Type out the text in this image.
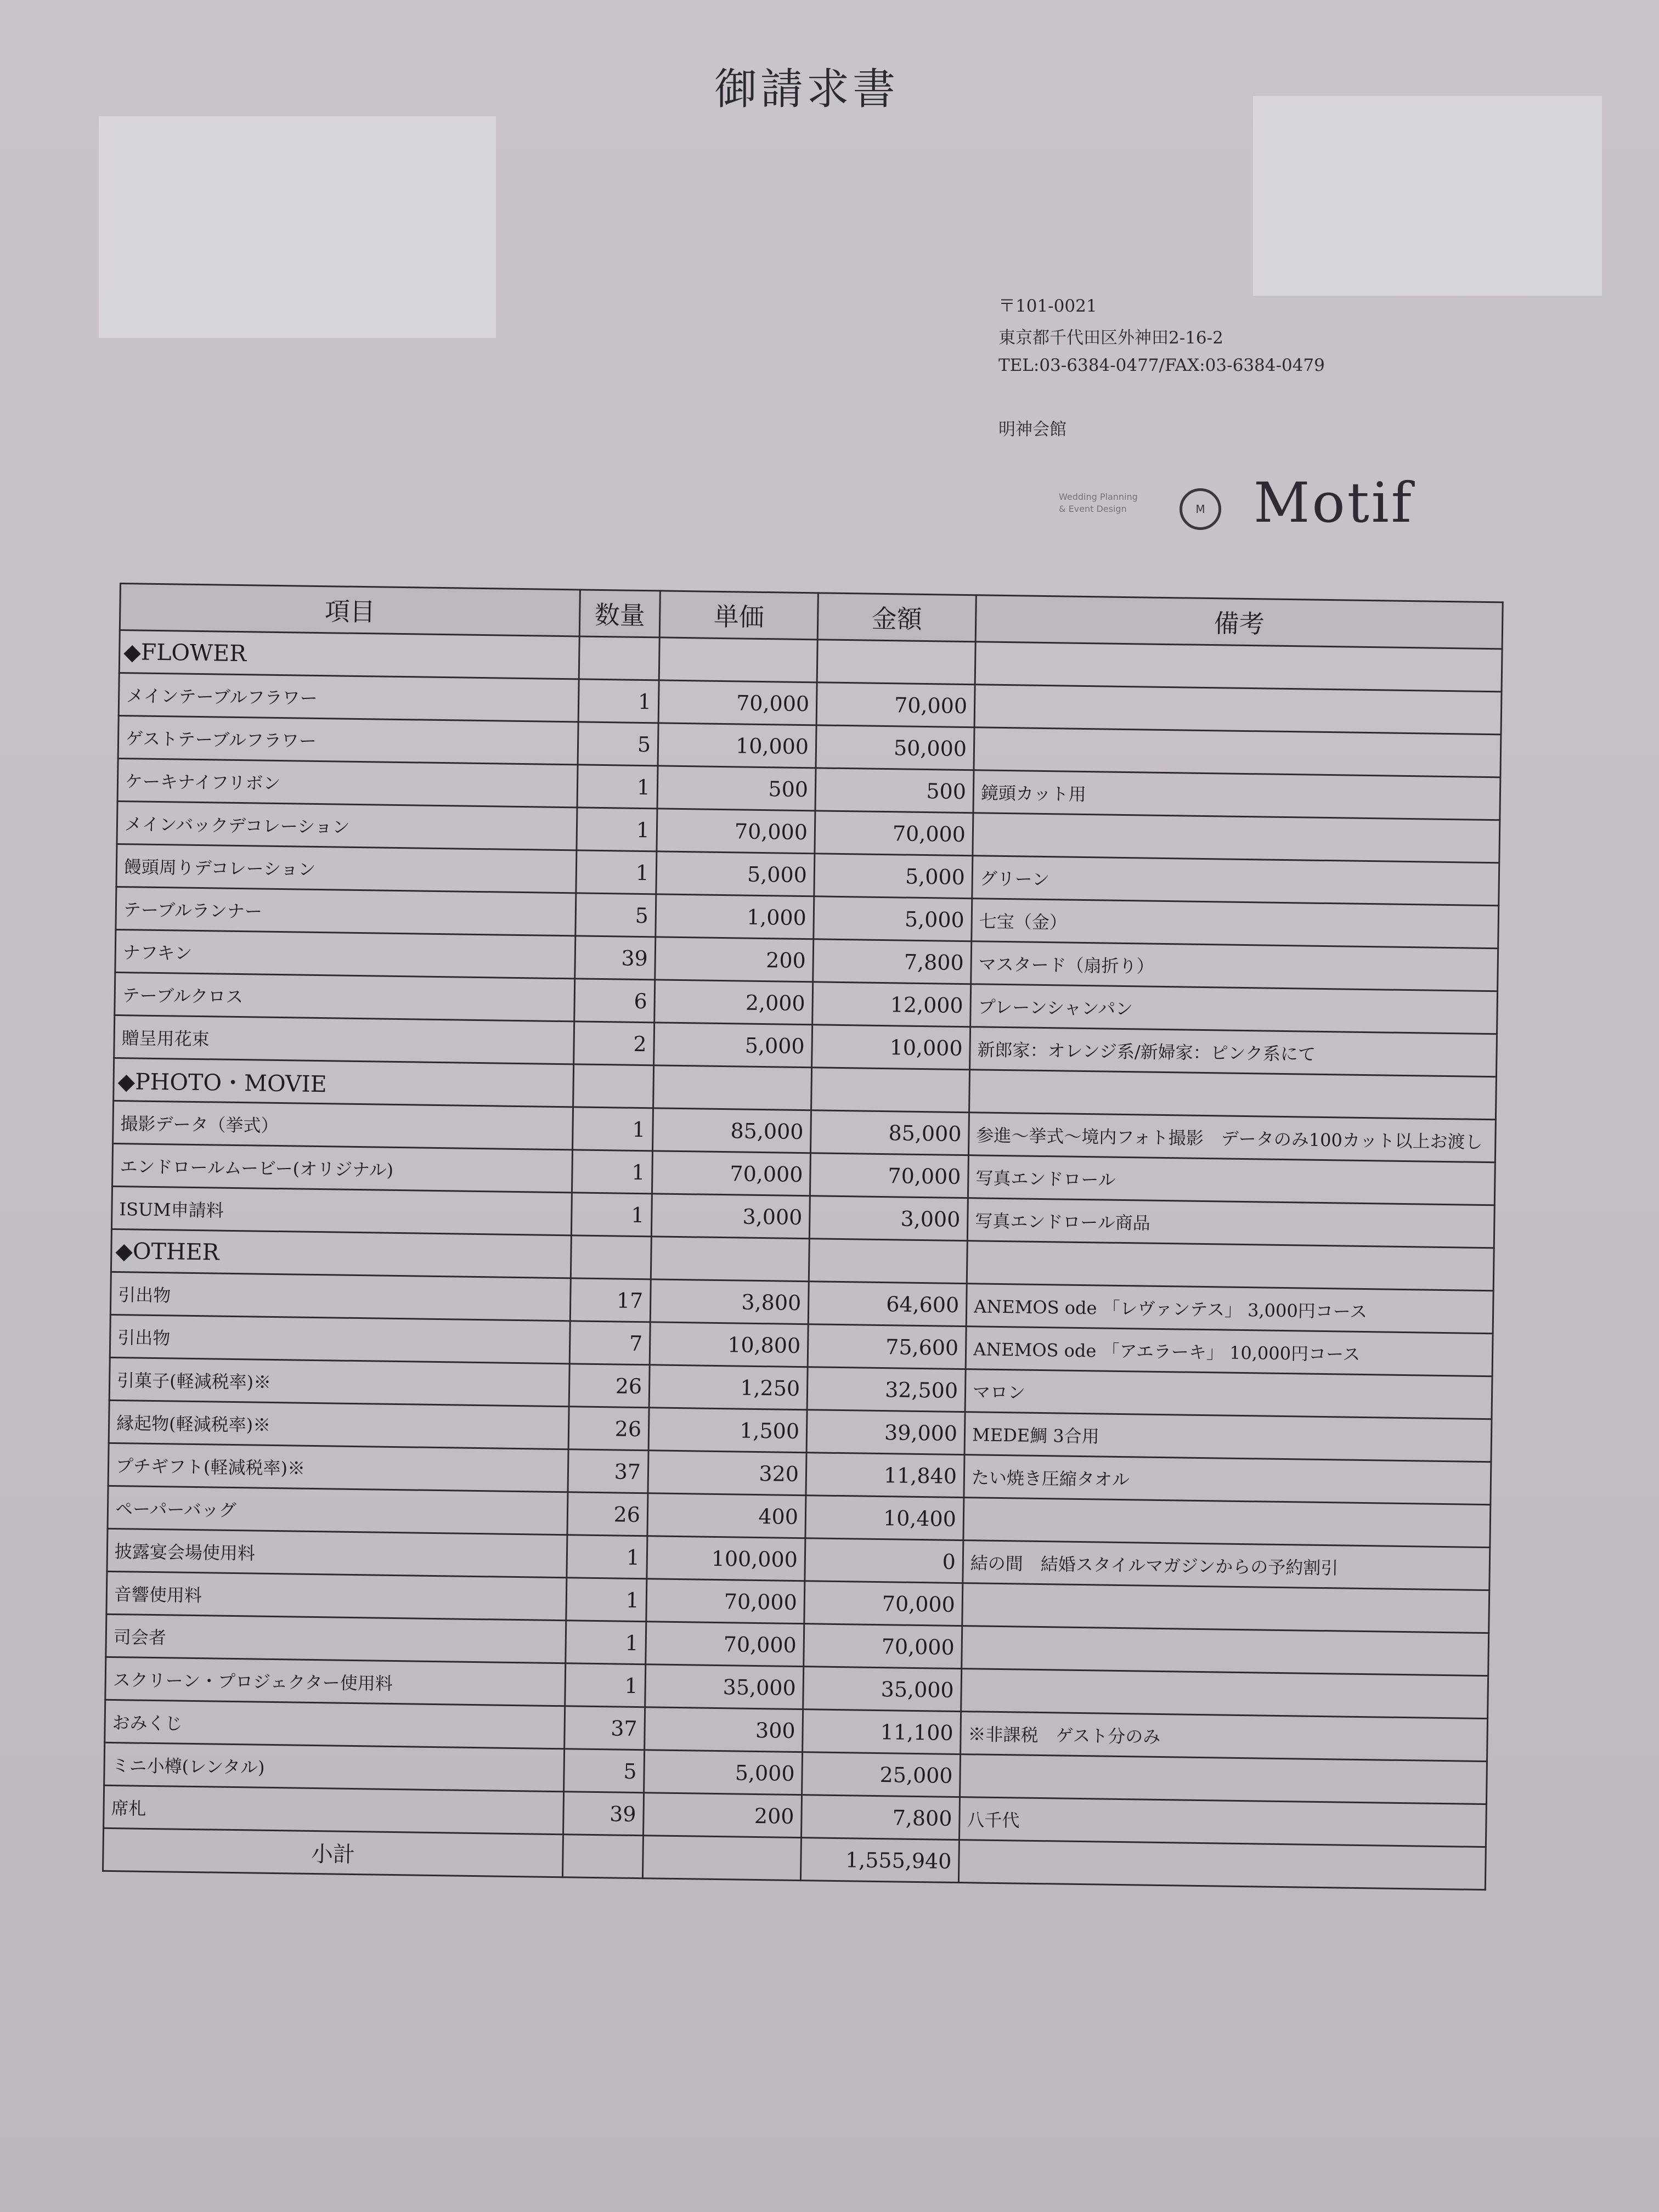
御請求書
〒101-0021
東京都千代田区外神田2-16-2
TEL:03-6384-0477/FAX:03-6384-0479
明神会館
Wedding Planning
& Event Design	M Motif
項目	数量	単価	金額	備考
◆FLOWER				
メインテーブルフラワー	1	70,000	70,000	
ゲストテーブルフラワー	5	10,000	50,000	
ケーキナイフリボン	1	500	500	鏡頭カット用
メインバックデコレーション	1	70,000	70,000	
饅頭周りデコレーション	1	5,000	5,000	グリーン
テーブルランナー	5	1,000	5,000	七宝（金）
ナフキン	39	200	7,800	マスタード（扇折り）
テーブルクロス	6	2,000	12,000	プレーンシャンパン
贈呈用花束	2	5,000	10,000	新郎家：オレンジ系/新婦家：ピンク系にて
◆PHOTO・MOVIE				
撮影データ（挙式）	1	85,000	85,000	参進～挙式～境内フォト撮影　データのみ100カット以上お渡し
エンドロールムービー(オリジナル)	1	70,000	70,000	写真エンドロール
ISUM申請料	1	3,000	3,000	写真エンドロール商品
◆OTHER				
引出物	17	3,800	64,600	ANEMOS ode 「レヴァンテス」 3,000円コース
引出物	7	10,800	75,600	ANEMOS ode 「アエラーキ」 10,000円コース
引菓子(軽減税率)※	26	1,250	32,500	マロン
縁起物(軽減税率)※	26	1,500	39,000	MEDE鯛 3合用
プチギフト(軽減税率)※	37	320	11,840	たい焼き圧縮タオル
ペーパーバッグ	26	400	10,400	
披露宴会場使用料	1	100,000	0	結の間　結婚スタイルマガジンからの予約割引
音響使用料	1	70,000	70,000	
司会者	1	70,000	70,000	
スクリーン・プロジェクター使用料	1	35,000	35,000	
おみくじ	37	300	11,100	※非課税　ゲスト分のみ
ミニ小樽(レンタル)	5	5,000	25,000	
席札	39	200	7,800	八千代
小計			1,555,940	
